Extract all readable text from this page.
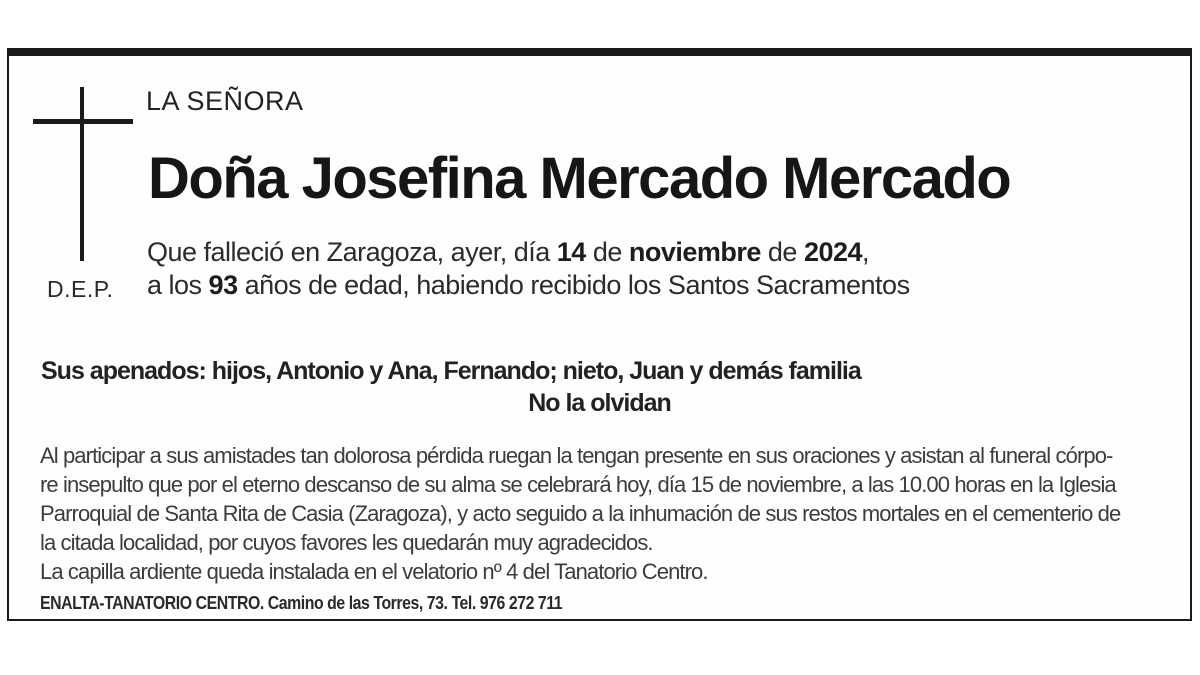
D.E.P.
LA SEÑORA
Doña Josefina Mercado Mercado
Que falleció en Zaragoza, ayer, día 14 de noviembre de 2024,
a los 93 años de edad, habiendo recibido los Santos Sacramentos
Sus apenados: hijos, Antonio y Ana, Fernando; nieto, Juan y demás familia
No la olvidan
Al participar a sus amistades tan dolorosa pérdida ruegan la tengan presente en sus oraciones y asistan al funeral córpo-
re insepulto que por el eterno descanso de su alma se celebrará hoy, día 15 de noviembre, a las 10.00 horas en la Iglesia
Parroquial de Santa Rita de Casia (Zaragoza), y acto seguido a la inhumación de sus restos mortales en el cementerio de
la citada localidad, por cuyos favores les quedarán muy agradecidos.
La capilla ardiente queda instalada en el velatorio nº 4 del Tanatorio Centro.
ENALTA-TANATORIO CENTRO. Camino de las Torres, 73. Tel. 976 272 711
